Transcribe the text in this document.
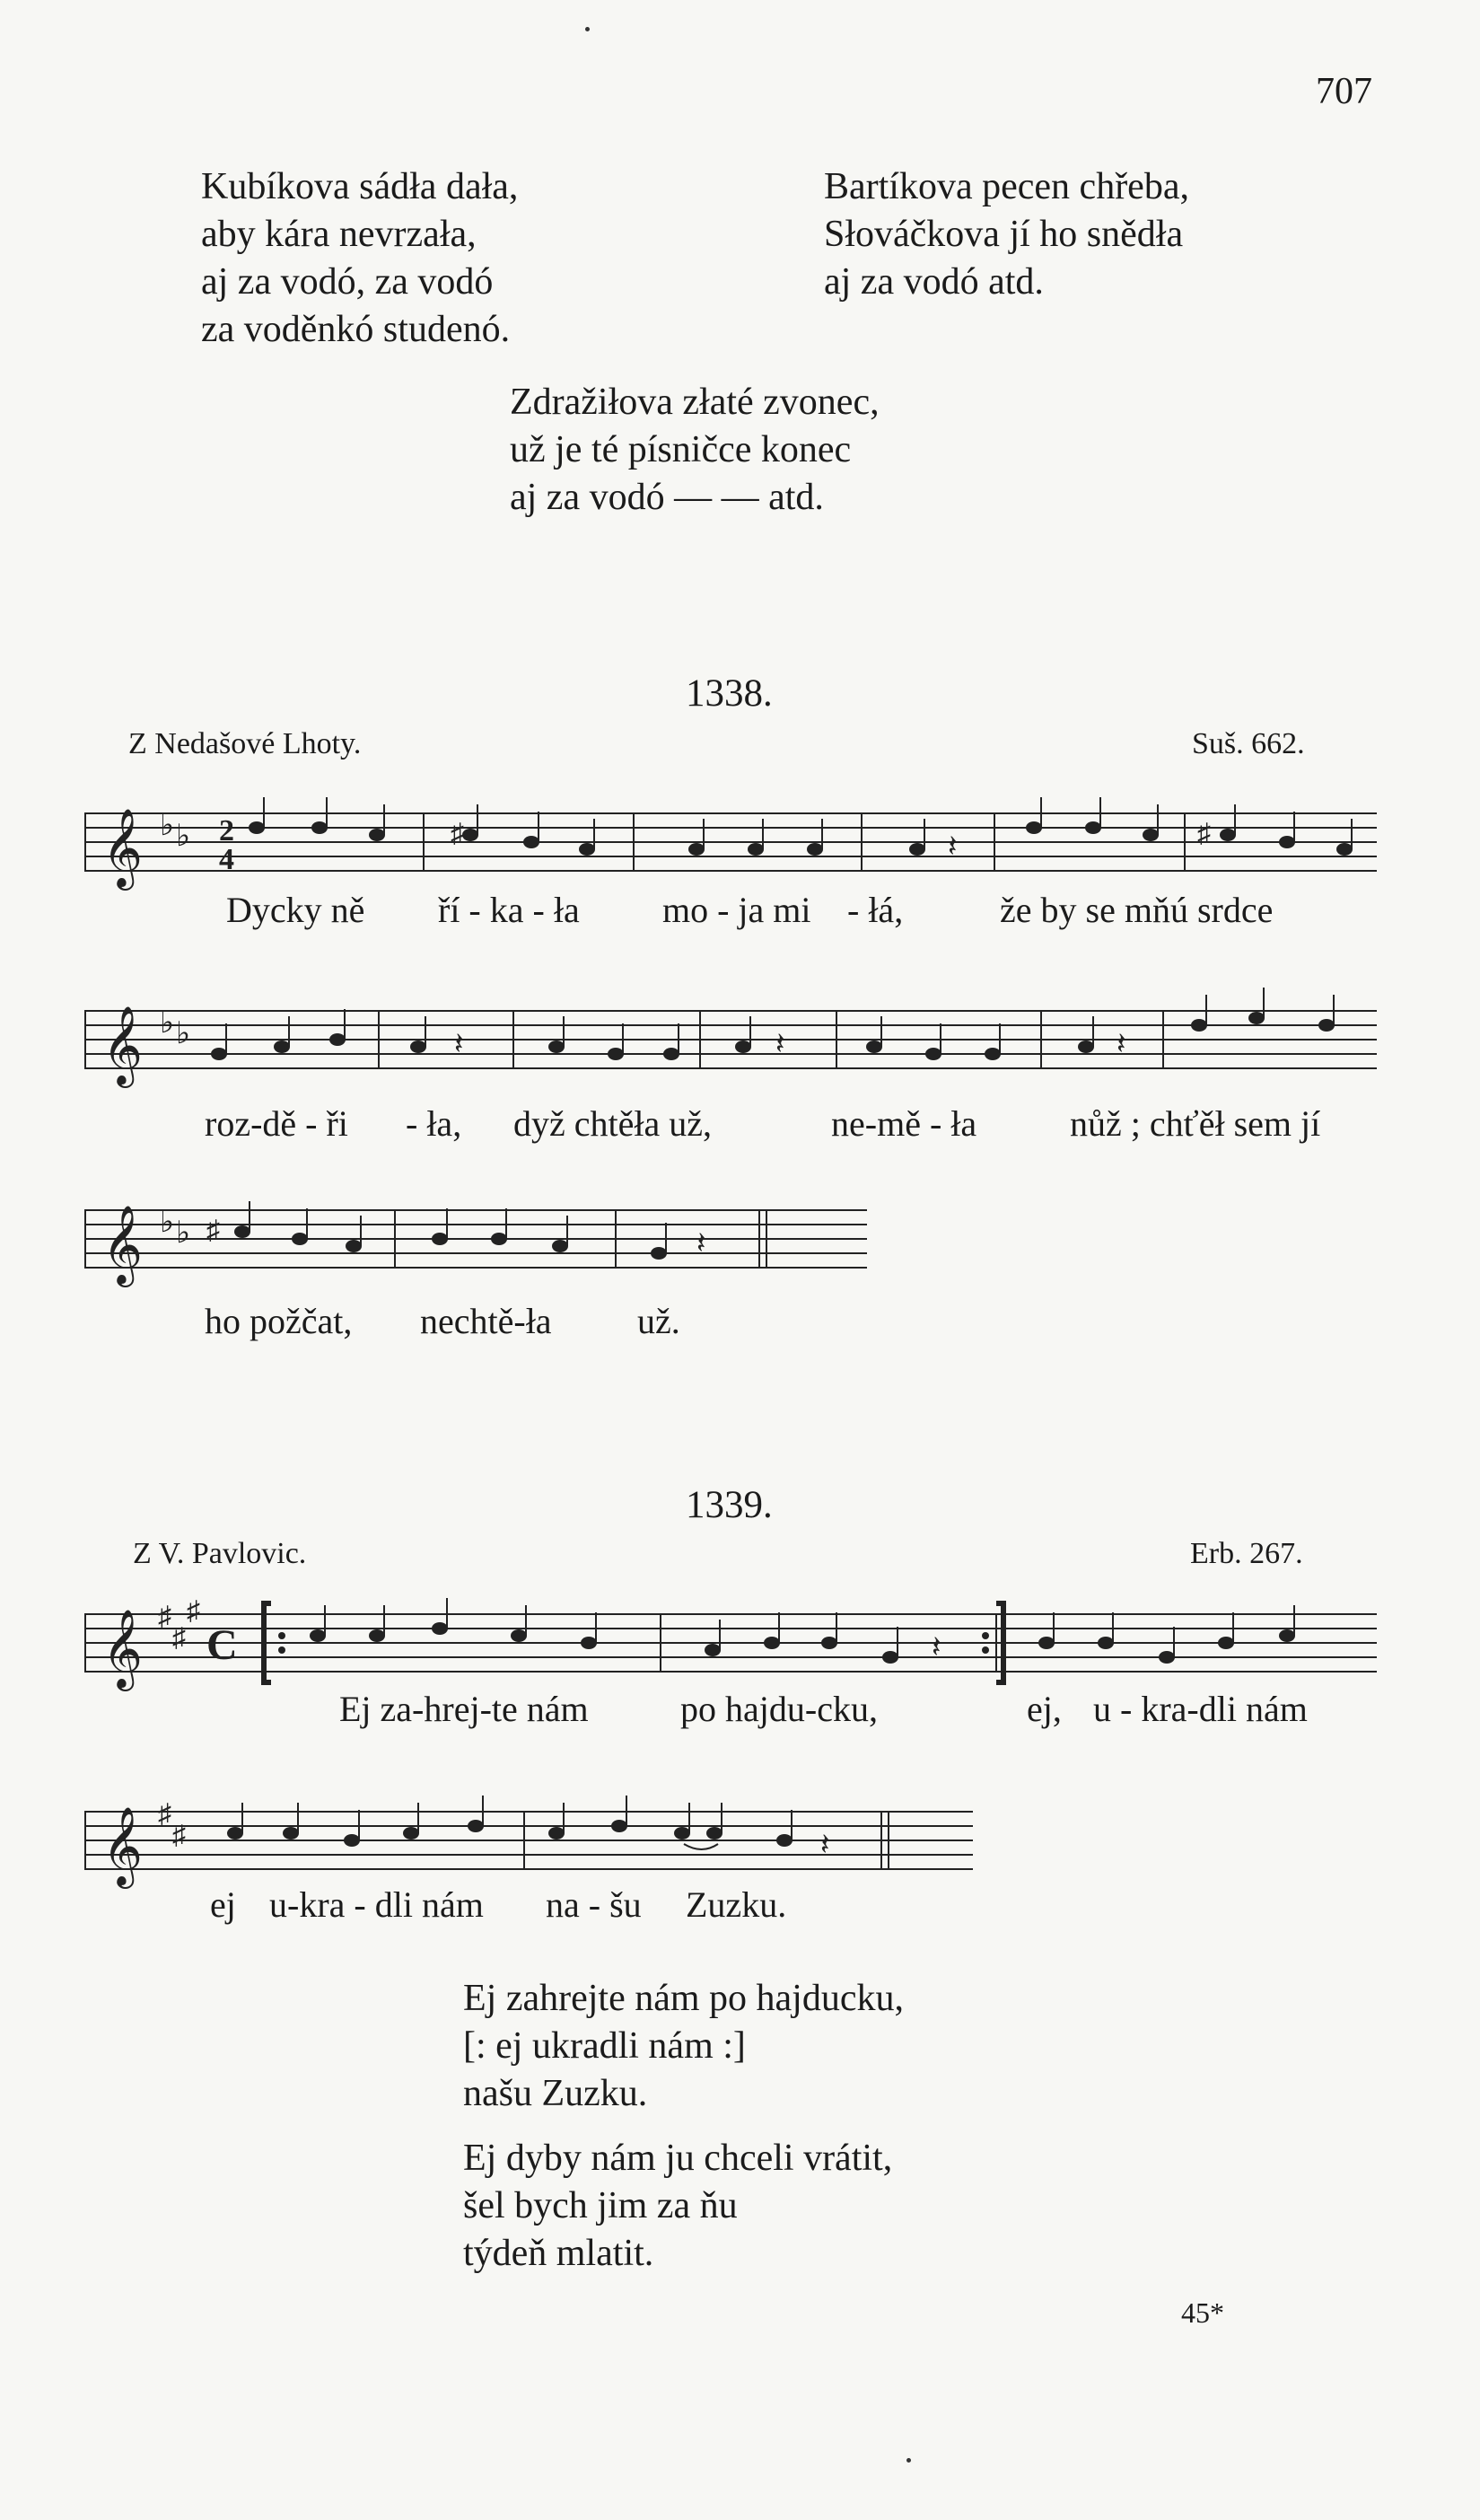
707
Kubíkova sádła dała,
aby kára nevrzała,
aj za vodó, za vodó
za voděnkó studenó.
Bartíkova pecen chřeba,
Słováčkova jí ho snědła
aj za vodó atd.
Zdražiłova złaté zvonec,
už je té písničce konec
aj za vodó — — atd.
1338.
Z Nedašové Lhoty.	Suš. 662.
𝄞 ♭ ♭ 2
4
♯	♯
𝄽
Dycky ně ří - ka - ła mo - ja mi - łá,	že by se mňú srdce
𝄞 ♭ ♭	𝄽	𝄽	𝄽
roz-dě - ři - ła, dyž chtěła už,	ne-mě - ła	nůž ; chťěł sem jí
𝄞 ♭ ♭ ♯	𝄽
ho požčat, nechtě-ła už.
1339.
Z V. Pavlovic.	Erb. 267.
𝄞 ♯
♯
♯
C	𝄽
Ej za-hrej-te nám	po hajdu-cku,	ej, u - kra-dli nám
𝄞 ♯
♯	𝄽
ej u-kra - dli nám na - šu Zuzku.
Ej zahrejte nám po hajducku,
[: ej ukradli nám :]
našu Zuzku.
Ej dyby nám ju chceli vrátit,
šel bych jim za ňu
týdeň mlatit.
45*
